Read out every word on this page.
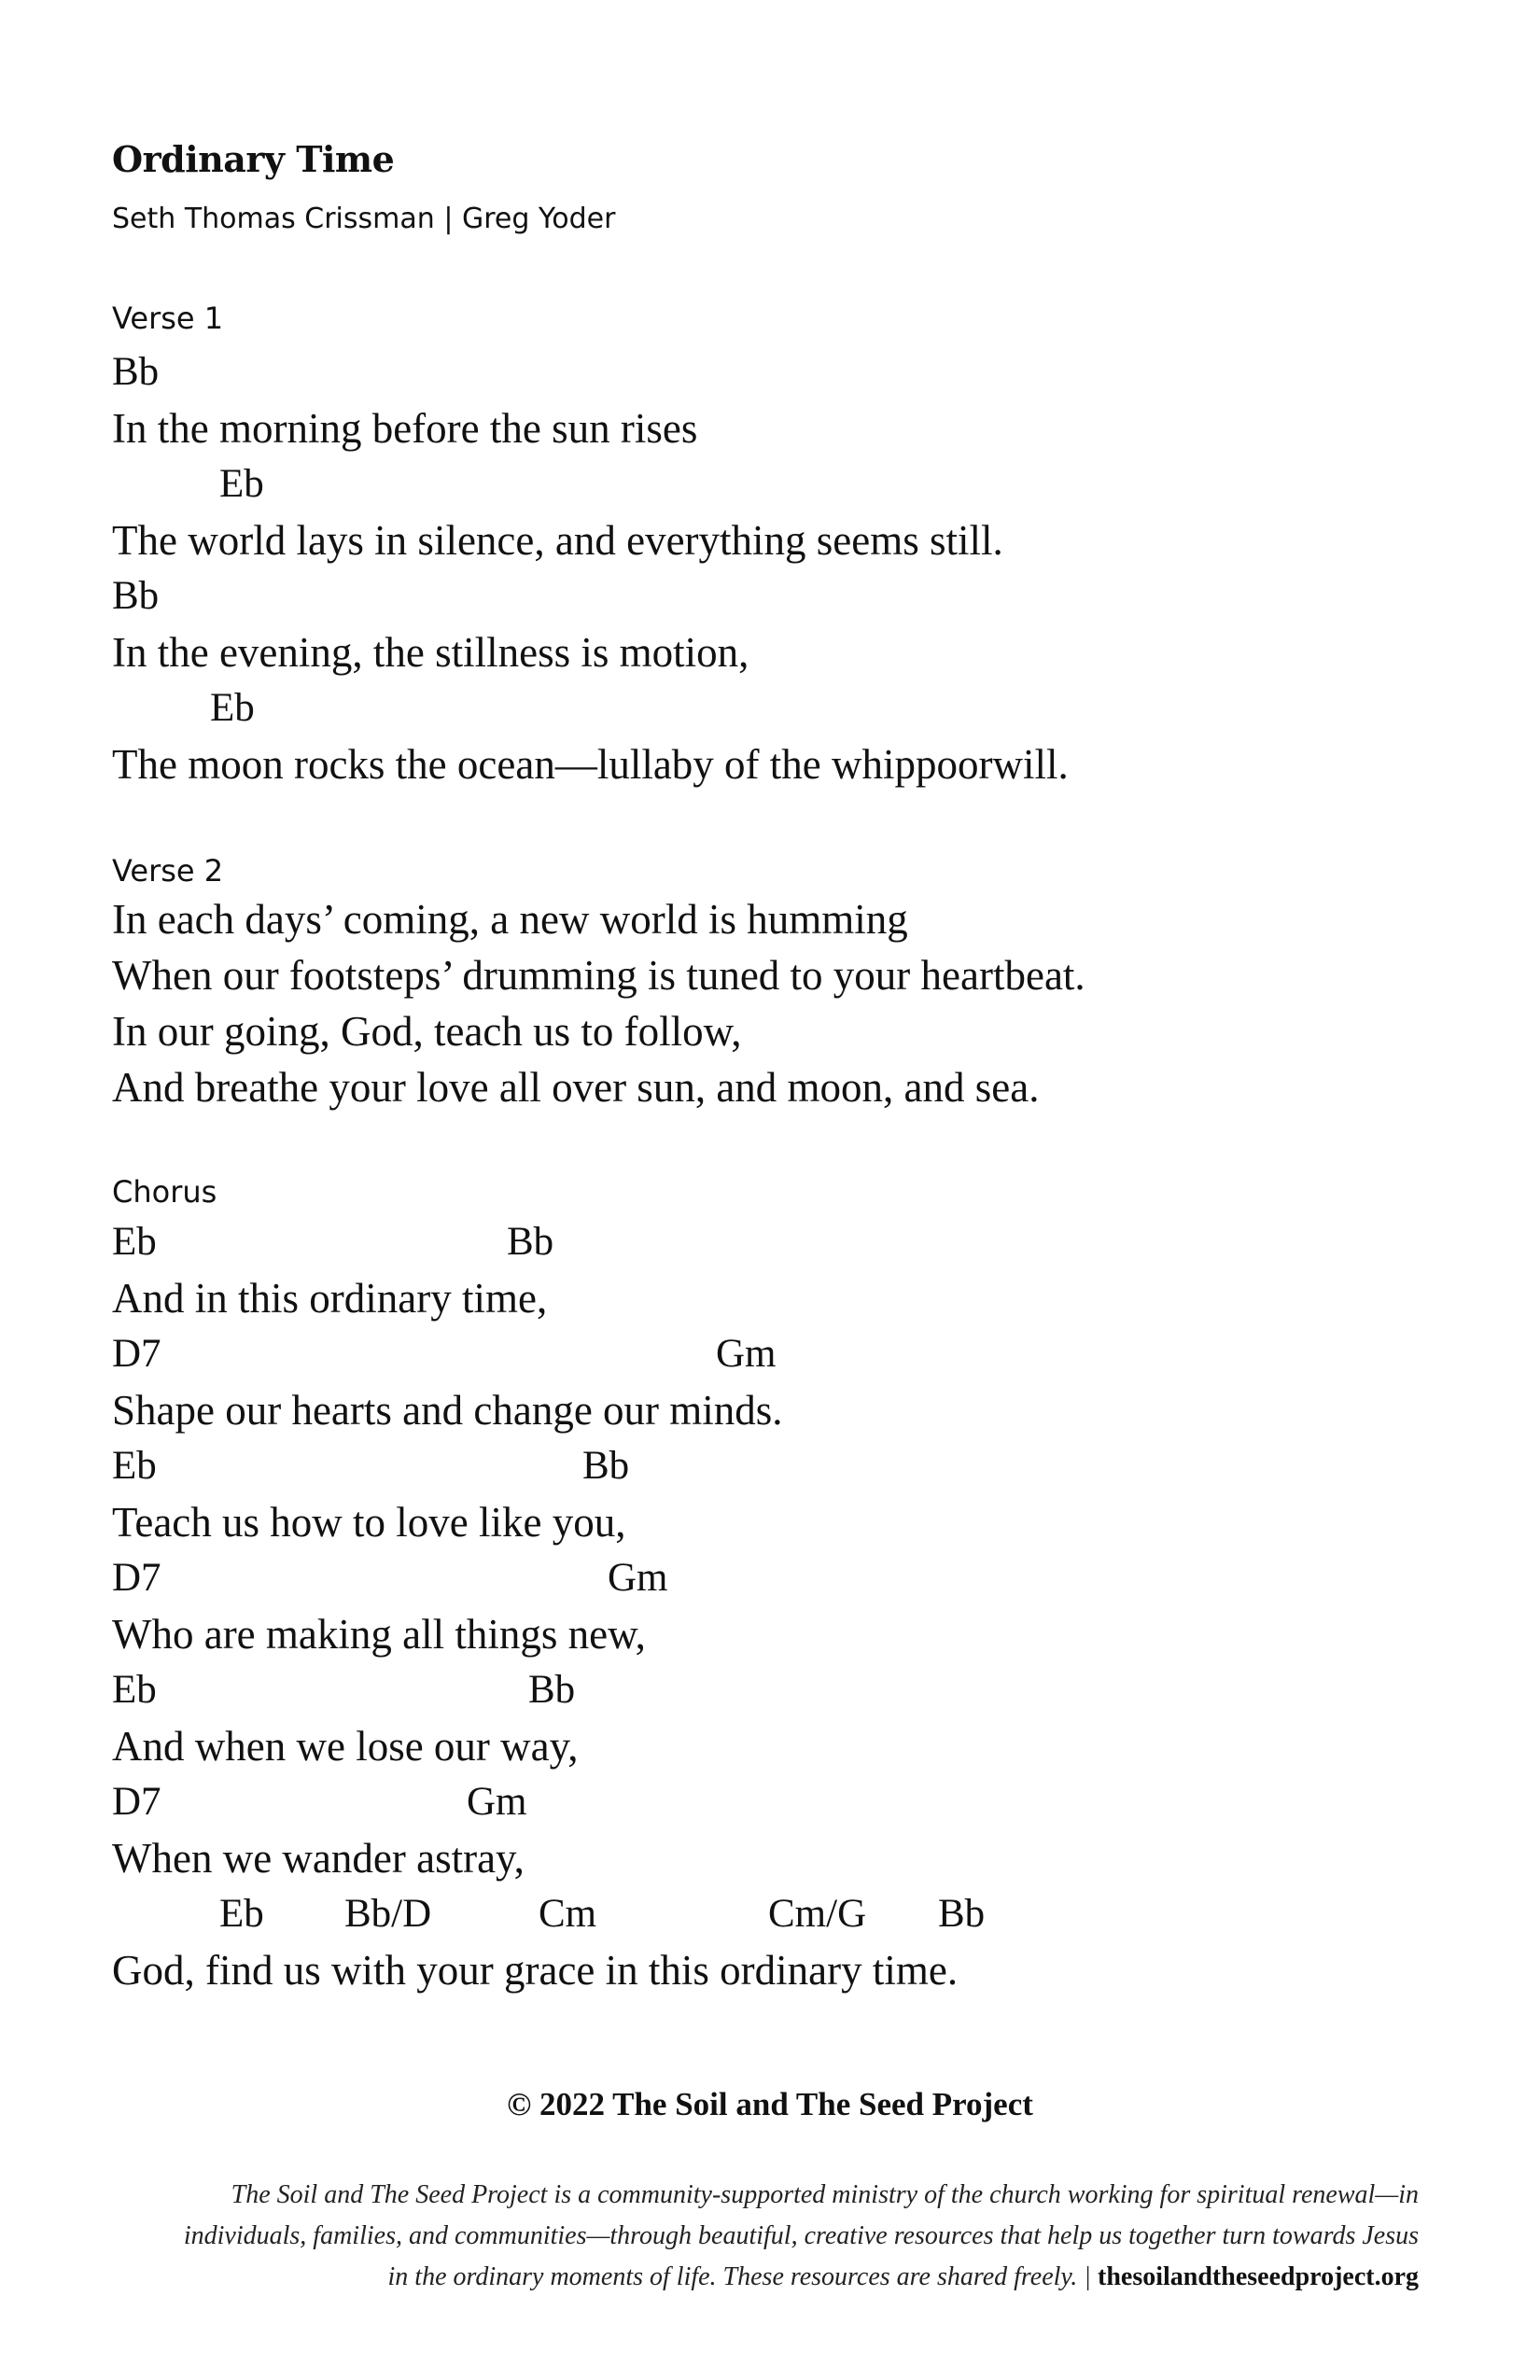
Ordinary Time
Seth Thomas Crissman | Greg Yoder
Verse 1
Bb
In the morning before the sun rises
Eb
The world lays in silence, and everything seems still.
Bb
In the evening, the stillness is motion,
Eb
The moon rocks the ocean—lullaby of the whippoorwill.
Verse 2
In each days’ coming, a new world is humming
When our footsteps’ drumming is tuned to your heartbeat.
In our going, God, teach us to follow,
And breathe your love all over sun, and moon, and sea.
Chorus
Eb	Bb
And in this ordinary time,
D7	Gm
Shape our hearts and change our minds.
Eb	Bb
Teach us how to love like you,
D7	Gm
Who are making all things new,
Eb	Bb
And when we lose our way,
D7	Gm
When we wander astray,
Eb Bb/D	Cm	Cm/G Bb
God, find us with your grace in this ordinary time.
© 2022 The Soil and The Seed Project
The Soil and The Seed Project is a community-supported ministry of the church working for spiritual renewal—in
individuals, families, and communities—through beautiful, creative resources that help us together turn towards Jesus
in the ordinary moments of life. These resources are shared freely. | thesoilandtheseedproject.org
